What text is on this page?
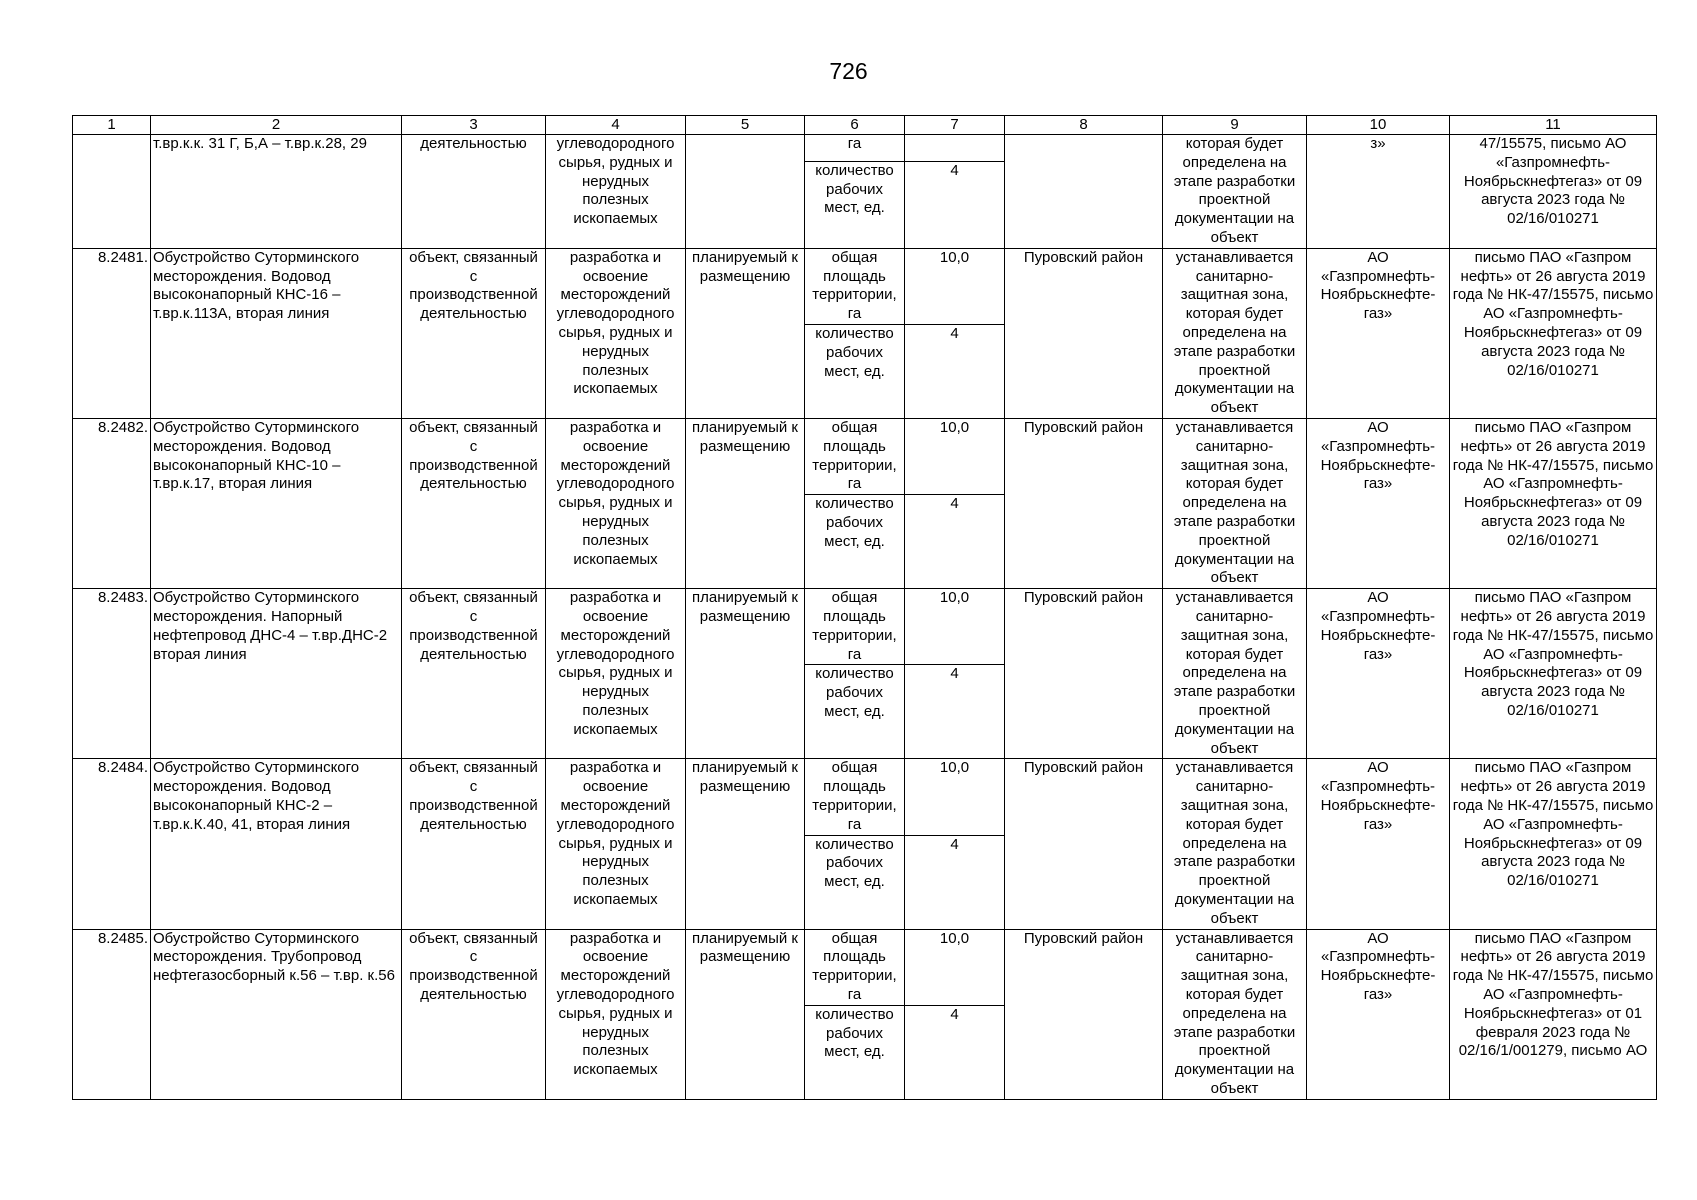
726
1	2	3	4	5	6	7	8	9	10	11
	т.вр.к.к. 31 Г, Б,А – т.вр.к.28, 29	деятельностью	углеводородного сырья, рудных и нерудных полезных ископаемых		га			которая будет определена на этапе разработки проектной документации на объект	з»	47/15575, письмо АО «Газпромнефть-Ноябрьскнефтегаз» от 09 августа 2023 года № 02/16/010271
					количество рабочих мест, ед.	4				
8.2481.	Обустройство Суторминского месторождения. Водовод высоконапорный КНС-16 – т.вр.к.113А, вторая линия	объект, связанный с производственной деятельностью	разработка и освоение месторождений углеводородного сырья, рудных и нерудных полезных ископаемых	планируемый к размещению	общая площадь территории, га	10,0	Пуровский район	устанавливается санитарно-защитная зона, которая будет определена на этапе разработки проектной документации на объект	АО «Газпромнефть-Ноябрьскнефте-газ»	письмо ПАО «Газпром нефть» от 26 августа 2019 года № НК-47/15575, письмо АО «Газпромнефть-Ноябрьскнефтегаз» от 09 августа 2023 года № 02/16/010271
					количество рабочих мест, ед.	4				
8.2482.	Обустройство Суторминского месторождения. Водовод высоконапорный КНС-10 – т.вр.к.17, вторая линия	объект, связанный с производственной деятельностью	разработка и освоение месторождений углеводородного сырья, рудных и нерудных полезных ископаемых	планируемый к размещению	общая площадь территории, га	10,0	Пуровский район	устанавливается санитарно-защитная зона, которая будет определена на этапе разработки проектной документации на объект	АО «Газпромнефть-Ноябрьскнефте-газ»	письмо ПАО «Газпром нефть» от 26 августа 2019 года № НК-47/15575, письмо АО «Газпромнефть-Ноябрьскнефтегаз» от 09 августа 2023 года № 02/16/010271
					количество рабочих мест, ед.	4				
8.2483.	Обустройство Суторминского месторождения. Напорный нефтепровод ДНС-4 – т.вр.ДНС-2 вторая линия	объект, связанный с производственной деятельностью	разработка и освоение месторождений углеводородного сырья, рудных и нерудных полезных ископаемых	планируемый к размещению	общая площадь территории, га	10,0	Пуровский район	устанавливается санитарно-защитная зона, которая будет определена на этапе разработки проектной документации на объект	АО «Газпромнефть-Ноябрьскнефте-газ»	письмо ПАО «Газпром нефть» от 26 августа 2019 года № НК-47/15575, письмо АО «Газпромнефть-Ноябрьскнефтегаз» от 09 августа 2023 года № 02/16/010271
					количество рабочих мест, ед.	4				
8.2484.	Обустройство Суторминского месторождения. Водовод высоконапорный КНС-2 – т.вр.к.К.40, 41, вторая линия	объект, связанный с производственной деятельностью	разработка и освоение месторождений углеводородного сырья, рудных и нерудных полезных ископаемых	планируемый к размещению	общая площадь территории, га	10,0	Пуровский район	устанавливается санитарно-защитная зона, которая будет определена на этапе разработки проектной документации на объект	АО «Газпромнефть-Ноябрьскнефте-газ»	письмо ПАО «Газпром нефть» от 26 августа 2019 года № НК-47/15575, письмо АО «Газпромнефть-Ноябрьскнефтегаз» от 09 августа 2023 года № 02/16/010271
					количество рабочих мест, ед.	4				
8.2485.	Обустройство Суторминского месторождения. Трубопровод нефтегазосборный к.56 – т.вр. к.56	объект, связанный с производственной деятельностью	разработка и освоение месторождений углеводородного сырья, рудных и нерудных полезных ископаемых	планируемый к размещению	общая площадь территории, га	10,0	Пуровский район	устанавливается санитарно-защитная зона, которая будет определена на этапе разработки проектной документации на объект	АО «Газпромнефть-Ноябрьскнефте-газ»	письмо ПАО «Газпром нефть» от 26 августа 2019 года № НК-47/15575, письмо АО «Газпромнефть-Ноябрьскнефтегаз» от 01 февраля 2023 года № 02/16/1/001279, письмо АО
					количество рабочих мест, ед.	4				
